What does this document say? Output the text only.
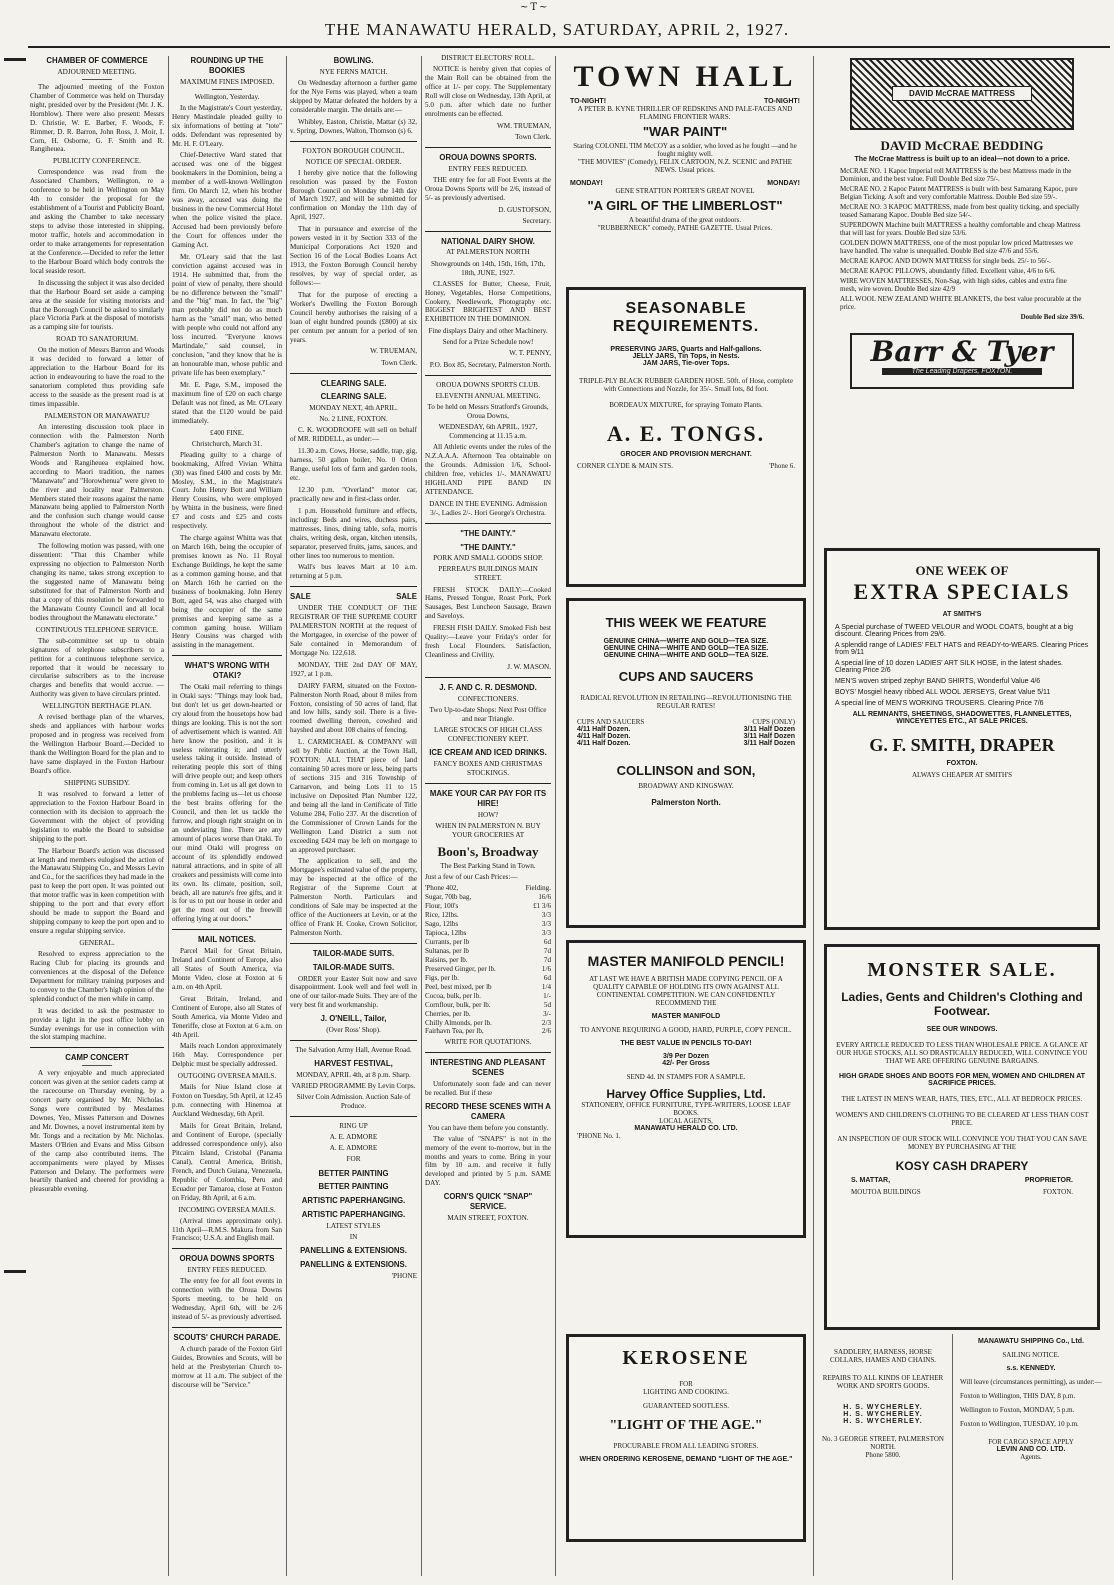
~T~
THE MANAWATU HERALD, SATURDAY, APRIL 2, 1927.
CHAMBER OF COMMERCE
ADJOURNED MEETING.

The adjourned meeting of the Foxton Chamber of Commerce was held on Thursday night, presided over by the President (Mr. J. K. Hornblow). There were also present: Messrs D. Christie, W. E. Barber, F. Woods, F. Rimmer, D. R. Barron, John Ross, J. Moir, I. Corn, H. Osborne, G. F. Smith and R. Rangiheuea.

PUBLICITY CONFERENCE.

Correspondence was read from the Associated Chambers, Wellington, re a conference to be held in Wellington on May 4th to consider the proposal for the establishment of a Tourist and Publicity Board, and asking the Chamber to take necessary steps to advise those interested in shipping, motor traffic, hotels and accommodation in order to make arrangements for representation at the Conference.—Decided to refer the letter to the Harbour Board which body controls the local seaside resort.

In discussing the subject it was also decided that the Harbour Board set aside a camping area at the seaside for visiting motorists and that the Borough Council be asked to similarly place Victoria Park at the disposal of motorists as a camping site for tourists.

ROAD TO SANATORIUM.

On the motion of Messrs Barron and Woods it was decided to forward a letter of appreciation to the Harbour Board for its action in endeavouring to have the road to the sanatorium completed thus providing safe access to the seaside as the present road is at times impassible.

PALMERSTON OR MANAWATU?

An interesting discussion took place in connection with the Palmerston North Chamber's agitation to change the name of Palmerston North to Manawatu. Messrs Woods and Rangiheuea explained how, according to Maori tradition, the names "Manawatu" and "Horowhenua" were given to the river and locality near Palmerston. Members stated their reasons against the name Manawatu being applied to Palmerston North and the confusion such change would cause throughout the whole of the district and Manawatu electorate.

The following motion was passed, with one dissentient: "That this Chamber while expressing no objection to Palmerston North changing its name, takes strong exception to the suggested name of Manawatu being substituted for that of Palmerston North and that a copy of this resolution be forwarded to the Manawatu County Council and all local bodies throughout the Manawatu electorate."

CONTINUOUS TELEPHONE SERVICE.

The sub-committee set up to obtain signatures of telephone subscribers to a petition for a continuous telephone service, reported that it would be necessary to circularise subscribers as to the increase charges and benefits that would accrue. —Authority was given to have circulars printed.

WELLINGTON BERTHAGE PLAN.

A revised berthage plan of the wharves, sheds and appliances with harbour works proposed and in progress was received from the Wellington Harbour Board.—Decided to thank the Wellington Board for the plan and to have same displayed in the Foxton Harbour Board's office.

SHIPPING SUBSIDY.

It was resolved to forward a letter of appreciation to the Foxton Harbour Board in connection with its decision to approach the Government with the object of providing legislation to enable the Board to subsidise shipping to the port.

The Harbour Board's action was discussed at length and members eulogised the action of the Manawatu Shipping Co., and Messrs Levin and Co., for the sacrifices they had made in the past to keep the port open. It was pointed out that motor traffic was in keen competition with shipping to the port and that every effort should be made to support the Board and shipping company to keep the port open and to ensure a regular shipping service.

GENERAL.

Resolved to express appreciation to the Racing Club for placing its grounds and conveniences at the disposal of the Defence Department for military training purposes and to convey to the Chamber's high opinion of the splendid conduct of the men while in camp.

It was decided to ask the postmaster to provide a light in the post office lobby on Sunday evenings for use in connection with the slot stamping machine.

CAMP CONCERT

A very enjoyable and much appreciated concert was given at the senior cadets camp at the racecourse on Thursday evening, by a concert party organised by Mr. Nicholas. Songs were contributed by Mesdames Downes, Yeo, Misses Patterson and Downes and Mr. Downes, a novel instrumental item by Mr. Tongs and a recitation by Mr. Nicholas. Masters O'Brien and Evans and Miss Gibson of the camp also contributed items. The accompaniments were played by Misses Patterson and Delany. The performers were heartily thanked and cheered for providing a pleasurable evening.

ROUNDING UP THE BOOKIES
MAXIMUM FINES IMPOSED.
Wellington, Yesterday.

In the Magistrate's Court yesterday, Henry Mastindale pleaded guilty to six informations of betting at "tote" odds. Defendant was represented by Mr. H. F. O'Leary.

Chief-Detective Ward stated that accused was one of the biggest bookmakers in the Dominion, being a member of a well-known Wellington firm. On March 12, when his brother was away, accused was doing the business in the new Commercial Hotel when the police visited the place. Accused had been previously before the Court for offences under the Gaming Act.

Mr. O'Leary said that the last conviction against accused was in 1914. He submitted that, from the point of view of penalty, there should be no difference between the "small" and the "big" man. In fact, the "big" man probably did not do as much harm as the "small" man, who betted with people who could not afford any loss incurred. "Everyone knows Martindale," said counsel, in conclusion, "and they know that he is an honourable man, whose public and private life has been exemplary."

Mr. E. Page, S.M., imposed the maximum fine of £20 on each charge Default was not fined, as Mr. O'Leary stated that the £120 would be paid immediately.

£400 FINE.
Christchurch, March 31.

Pleading guilty to a charge of bookmaking, Alfred Vivian Whitta (30) was fined £400 and costs by Mr. Mosley, S.M., in the Magistrate's Court. John Henry Bott and William Henry Cousins, who were employed by Whitta in the business, were fined £7 and costs and £25 and costs respectively.

The charge against Whitta was that on March 16th, being the occupier of premises known as No. 11 Royal Exchange Buildings, he kept the same as a common gaming house, and that on March 16th he carried on the business of bookmaking. John Henry Bott, aged 54, was also charged with being the occupier of the same premises and keeping same as a common gaming house. William Henry Cousins was charged with assisting in the management.

WHAT'S WRONG WITH OTAKI?

The Otaki mail referring to things in Otaki says: "Things may look bad, but don't let us get down-hearted or cry aloud from the housetops how bad things are looking. This is not the sort of advertisement which is wanted. All here know the position, and it is useless reiterating it; and utterly useless taking it outside. Instead of reiterating people this sort of thing will drive people out; and keep others from coming in. Let us all get down to the problems facing us—let us choose the best brains offering for the Council, and then let us tackle the furrow, and plough right straight on in an undeviating line. There are any amount of places worse than Otaki. To our mind Otaki will progress on account of its splendidly endowed natural attractions, and in spite of all croakers and pessimists will come into its own. Its climate, position, soil, beach, all are nature's free gifts, and it is for us to put our house in order and get the most out of the freewill offering lying at our doors."

MAIL NOTICES.

Parcel Mail for Great Britain, Ireland and Continent of Europe, also all States of South America, via Monte Video, close at Foxton at 6 a.m. on 4th April.

Great Britain, Ireland, and Continent of Europe, also all States of South America, via Monte Video and Teneriffe, close at Foxton at 6 a.m. on 4th April.

Mails reach London approximately 16th May. Correspondence per Delphic must be specially addressed.

OUTGOING OVERSEA MAILS.

Mails for Niue Island close at Foxton on Tuesday, 5th April, at 12.45 p.m. connecting with Hinemoa at Auckland Wednesday, 6th April.

Mails for Great Britain, Ireland, and Continent of Europe, (specially addressed correspondence only), also Pitcairn Island, Cristobal (Panama Canal), Central America, British, French, and Dutch Guiana, Venezuela, Republic of Colombia, Peru and Ecuador per Tamaroa, close at Foxton on Friday, 8th April, at 6 a.m.

INCOMING OVERSEA MAILS.

(Arrival times approximate only). 11th April—R.M.S. Makura from San Francisco; U.S.A. and English mail.

OROUA DOWNS SPORTS
ENTRY FEES REDUCED.

The entry fee for all foot events in connection with the Oroua Downs Sports meeting, to be held on Wednesday, April 6th, will be 2/6 instead of 5/- as previously advertised.

SCOUTS' CHURCH PARADE.

A church parade of the Foxton Girl Guides, Brownies and Scouts, will be held at the Presbyterian Church to-morrow at 11 a.m. The subject of the discourse will be "Service."

BOWLING.
NYE FERNS MATCH.

On Wednesday afternoon a further game for the Nye Ferns was played, when a team skipped by Mattar defeated the holders by a considerable margin. The details are:—

Whibley, Easton, Christie, Mattar (s) 32, v. Spring, Downes, Walton, Thomson (s) 6.

FOXTON BOROUGH COUNCIL.
NOTICE OF SPECIAL ORDER.

I hereby give notice that the following resolution was passed by the Foxton Borough Council on Monday the 14th day of March 1927, and will be submitted for confirmation on Monday the 11th day of April, 1927.

That in pursuance and exercise of the powers vested in it by Section 333 of the Municipal Corporations Act 1920 and Section 16 of the Local Bodies Loans Act 1913, the Foxton Borough Council hereby resolves, by way of special order, as follows:—

That for the purpose of erecting a Worker's Dwelling the Foxton Borough Council hereby authorises the raising of a loan of eight hundred pounds (£800) at six per centum per annum for a period of ten years.

W. TRUEMAN,
Town Clerk.
CLEARING SALE.
CLEARING SALE.
MONDAY NEXT, 4th APRIL.
No. 2 LINE, FOXTON.

C. K. WOODROOFE will sell on behalf of MR. RIDDELL, as under:—

11.30 a.m. Cows, Horse, saddle, trap, gig, harness, 50 gallon boiler, No. 0 Orion Range, useful lots of farm and garden tools, etc.

12.30 p.m. "Overland" motor car, practically new and in first-class order.

1 p.m. Household furniture and effects, including: Beds and wires, duchess pairs, mattresses, linos, dining table, sofa, morris chairs, writing desk, organ, kitchen utensils, separator, preserved fruits, jams, sauces, and other lines too numerous to mention.

Wall's bus leaves Mart at 10 a.m. returning at 5 p.m.

SALE	SALE

UNDER THE CONDUCT OF THE REGISTRAR OF THE SUPREME COURT PALMERSTON NORTH at the request of the Mortgagee, in exercise of the power of Sale contained in Memorandum of Mortgage No. 122,618.

MONDAY, THE 2nd DAY OF MAY, 1927, at 1 p.m.

DAIRY FARM, situated on the Foxton-Palmerston North Road, about 8 miles from Foxton, consisting of 50 acres of land, flat and low hills, sandy soil. There is a five-roomed dwelling thereon, cowshed and hayshed and about 108 chains of fencing.

L. CARMICHAEL & COMPANY will sell by Public Auction, at the Town Hall, FOXTON: ALL THAT piece of land containing 50 acres more or less, being parts of sections 315 and 316 Township of Carnarvon, and being Lots 11 to 15 inclusive on Deposited Plan Number 122, and being all the land in Certificate of Title Volume 284, Folio 237. At the discretion of the Commissioner of Crown Lands for the Wellington Land District a sum not exceeding £424 may be left on mortgage to an approved purchaser.

The application to sell, and the Mortgagee's estimated value of the property, may be inspected at the office of the Registrar of the Supreme Court at Palmerston North. Particulars and conditions of Sale may be inspected at the office of the Auctioneers at Levin, or at the office of Frank H. Cooke, Crown Solicitor, Palmerston North.

TAILOR-MADE SUITS.
TAILOR-MADE SUITS.

ORDER your Easter Suit now and save disappointment. Look well and feel well in one of our tailor-made Suits. They are of the very best fit and workmanship.

J. O'NEILL, Tailor,
(Over Ross' Shop).
The Salvation Army Hall, Avenue Road.
HARVEST FESTIVAL,
MONDAY, APRIL 4th, at 8 p.m. Sharp.
VARIED PROGRAMME By Levin Corps.
Silver Coin Admission. Auction Sale of Produce.
RING UP
A. E. ADMORE
A. E. ADMORE
FOR
BETTER PAINTING
BETTER PAINTING
ARTISTIC PAPERHANGING.
ARTISTIC PAPERHANGING.
LATEST STYLES
IN
PANELLING & EXTENSIONS.
PANELLING & EXTENSIONS.
'PHONE
DISTRICT ELECTORS' ROLL.

NOTICE is hereby given that copies of the Main Roll can be obtained from the office at 1/- per copy. The Supplementary Roll will close on Wednesday, 13th April, at 5.0 p.m. after which date no further enrolments can be effected.

WM. TRUEMAN,
Town Clerk.
OROUA DOWNS SPORTS.
ENTRY FEES REDUCED.

THE entry fee for all Foot Events at the Oroua Downs Sports will be 2/6, instead of 5/- as previously advertised.

D. GUSTOFSON,
Secretary.
NATIONAL DAIRY SHOW.
AT PALMERSTON NORTH
Showgrounds on 14th, 15th, 16th, 17th, 18th, JUNE, 1927.

CLASSES for Butter, Cheese, Fruit, Honey, Vegetables, Horse Competitions, Cookery, Needlework, Photography etc. BIGGEST BRIGHTEST AND BEST EXHIBITION IN THE DOMINION.

Fine displays Dairy and other Machinery.
Send for a Prize Schedule now!
W. T. PENNY,
P.O. Box 85, Secretary, Palmerston North.
OROUA DOWNS SPORTS CLUB.
ELEVENTH ANNUAL MEETING.
To be held on Messrs Stratford's Grounds, Oroua Downs,
WEDNESDAY, 6th APRIL, 1927, Commencing at 11.15 a.m.

All Athletic events under the rules of the N.Z.A.A.A. Afternoon Tea obtainable on the Grounds. Admission 1/6, School-children free, vehicles 1/-. MANAWATU HIGHLAND PIPE BAND IN ATTENDANCE.

DANCE IN THE EVENING. Admission 3/-, Ladies 2/-. Hori George's Orchestra.
"THE DAINTY."
"THE DAINTY."
PORK AND SMALL GOODS SHOP.
PERREAU'S BUILDINGS MAIN STREET.

FRESH STOCK DAILY:—Cooked Hams, Pressed Tongue, Roast Pork, Pork Sausages, Best Luncheon Sausage, Brawn and Saveloys.

FRESH FISH DAILY. Smoked Fish best Quality:—Leave your Friday's order for fresh Local Flounders. Satisfaction, Cleanliness and Civility.

J. W. MASON.
J. F. AND C. R. DESMOND.
CONFECTIONERS.
Two Up-to-date Shops: Next Post Office and near Triangle.
LARGE STOCKS OF HIGH CLASS CONFECTIONERY KEPT.
ICE CREAM AND ICED DRINKS.
FANCY BOXES AND CHRISTMAS STOCKINGS.
MAKE YOUR CAR PAY FOR ITS HIRE!
HOW?
WHEN IN PALMERSTON N. BUY YOUR GROCERIES AT
Boon's, Broadway
The Best Parking Stand in Town.
Just a few of our Cash Prices:—
'Phone 402,	Fielding.
Sugar, 70lb bag,	16/6
Flour, 100's	£1 3/6
Rice, 12lbs.	3/3
Sago, 12lbs	3/3
Tapioca, 12lbs	3/3
Currants, per lb	6d
Sultanas, per lb	7d
Raisins, per lb.	7d
Preserved Ginger, per lb.	1/6
Figs, per lb.	6d
Peel, best mixed, per lb	1/4
Cocoa, bulk, per lb.	1/-
Cornflour, bulk, per lb.	5d
Cherries, per lb.	3/-
Chilly Almonds, per lb.	2/3
Fairhavn Tea, per lb,	2/6
WRITE FOR QUOTATIONS.
INTERESTING AND PLEASANT SCENES

Unfortunately soon fade and can never be recalled. But if these

RECORD THESE SCENES WITH A CAMERA
You can have them before you constantly.

The value of "SNAPS" is not in the memory of the event to-morrow, but in the months and years to come. Bring in your film by 10 a.m. and receive it fully developed and printed by 5 p.m. SAME DAY.

CORN'S QUICK "SNAP" SERVICE.
MAIN STREET, FOXTON.
TOWN HALL
TO-NIGHT!	TO-NIGHT!
A PETER B. KYNE THRILLER OF REDSKINS AND PALE-FACES AND FLAMING FRONTIER WARS.
"WAR PAINT"
Staring COLONEL TIM McCOY as a soldier, who loved as he fought —and he fought mighty well.
"THE MOVIES" (Comedy), FELIX CARTOON, N.Z. SCENIC and PATHE NEWS. Usual prices.
MONDAY!	MONDAY!
GENE STRATTON PORTER'S GREAT NOVEL
"A GIRL OF THE LIMBERLOST"
A beautiful drama of the great outdoors.
"RUBBERNECK" comedy, PATHE GAZETTE. Usual Prices.
SEASONABLE REQUIREMENTS.
PRESERVING JARS, Quarts and Half-gallons.
JELLY JARS, Tin Tops, in Nests.
JAM JARS, Tie-over Tops.
TRIPLE-PLY BLACK RUBBER GARDEN HOSE. 50ft. of Hose, complete with Connections and Nozzle, for 35/-. Small lots, 8d foot.
BORDEAUX MIXTURE, for spraying Tomato Plants.
A. E. TONGS.
GROCER AND PROVISION MERCHANT.
CORNER CLYDE & MAIN STS.	'Phone 6.
THIS WEEK WE FEATURE
GENUINE CHINA—WHITE AND GOLD—TEA SIZE.
GENUINE CHINA—WHITE AND GOLD—TEA SIZE.
GENUINE CHINA—WHITE AND GOLD—TEA SIZE.
CUPS AND SAUCERS
RADICAL REVOLUTION IN RETAILING—REVOLUTIONISING THE REGULAR RATES!
CUPS AND SAUCERS	CUPS (ONLY)
4/11 Half Dozen.	3/11 Half Dozen
4/11 Half Dozen.	3/11 Half Dozen
4/11 Half Dozen.	3/11 Half Dozen
COLLINSON and SON,
BROADWAY AND KINGSWAY.
Palmerston North.
MASTER MANIFOLD PENCIL!
AT LAST WE HAVE A BRITISH MADE COPYING PENCIL OF A QUALITY CAPABLE OF HOLDING ITS OWN AGAINST ALL CONTINENTAL COMPETITION. WE CAN CONFIDENTLY RECOMMEND THE
MASTER MANIFOLD
TO ANYONE REQUIRING A GOOD, HARD, PURPLE, COPY PENCIL.
THE BEST VALUE IN PENCILS TO-DAY!
3/9 Per Dozen
42/- Per Gross
SEND 4d. IN STAMPS FOR A SAMPLE.
Harvey Office Supplies, Ltd.
STATIONERY, OFFICE FURNITURE, TYPE-WRITERS, LOOSE LEAF BOOKS.
LOCAL AGENTS,
MANAWATU HERALD CO. LTD.
'PHONE No. 1.
KEROSENE
FOR
LIGHTING AND COOKING.
GUARANTEED SOOTLESS.
"LIGHT OF THE AGE."
PROCURABLE FROM ALL LEADING STORES.
WHEN ORDERING KEROSENE, DEMAND "LIGHT OF THE AGE."
DAVID McCRAE MATTRESS
DAVID McCRAE BEDDING
The McCrae Mattress is built up to an ideal—not down to a price.
McCRAE NO. 1 Kapoc Imperial roll MATTRESS is the best Mattress made in the Dominion, and the best value. Full Double Bed size 75/-.
McCRAE NO. 2 Kapoc Patent MATTRESS is built with best Samarang Kapoc, pure Belgian Ticking. A soft and very comfortable Mattress. Double Bed size 59/-.
McCRAE NO. 3 KAPOC MATTRESS, made from best quality ticking, and specially teased Samarang Kapoc. Double Bed size 54/-.
SUPERDOWN Machine built MATTRESS a healthy comfortable and cheap Mattress that will last for years. Double Bed size 53/6.
GOLDEN DOWN MATTRESS, one of the most popular low priced Mattresses we have handled. The value is unequalled. Double Bed size 47/6 and 55/6.
McCRAE KAPOC AND DOWN MATTRESS for single beds. 25/- to 56/-.
McCRAE KAPOC PILLOWS, abundantly filled. Excellent value, 4/6 to 6/6.
WIRE WOVEN MATTRESSES, Non-Sag, with high sides, cables and extra fine mesh, wire woven. Double Bed size 42/9
ALL WOOL NEW ZEALAND WHITE BLANKETS, the best value procurable at the price.
Double Bed size 39/6.
Barr & Tyer
The Leading Drapers, FOXTON.
ONE WEEK OF
EXTRA SPECIALS
AT SMITH'S
A Special purchase of TWEED VELOUR and WOOL COATS, bought at a big discount. Clearing Prices from 29/6.
A splendid range of LADIES' FELT HATS and READY-to-WEARS. Clearing Prices from 9/11
A special line of 10 dozen LADIES' ART SILK HOSE, in the latest shades. Clearing Price 2/6
MEN'S woven striped zephyr BAND SHIRTS, Wonderful Value 4/6
BOYS' Mosgiel heavy ribbed ALL WOOL JERSEYS, Great Value 5/11
A special line of MEN'S WORKING TROUSERS. Clearing Price 7/6
ALL REMNANTS, SHEETINGS, SHADOWETTES, FLANNELETTES, WINCEYETTES ETC., AT SALE PRICES.
G. F. SMITH, DRAPER
FOXTON.
ALWAYS CHEAPER AT SMITH'S
MONSTER SALE.
Ladies, Gents and Children's Clothing and Footwear.
SEE OUR WINDOWS.
EVERY ARTICLE REDUCED TO LESS THAN WHOLESALE PRICE. A GLANCE AT OUR HUGE STOCKS, ALL SO DRASTICALLY REDUCED, WILL CONVINCE YOU THAT WE ARE OFFERING GENUINE BARGAINS.
HIGH GRADE SHOES AND BOOTS FOR MEN, WOMEN AND CHILDREN AT SACRIFICE PRICES.
THE LATEST IN MEN'S WEAR, HATS, TIES, ETC., ALL AT BEDROCK PRICES.
WOMEN'S AND CHILDREN'S CLOTHING TO BE CLEARED AT LESS THAN COST PRICE.
AN INSPECTION OF OUR STOCK WILL CONVINCE YOU THAT YOU CAN SAVE MONEY BY PURCHASING AT THE
KOSY CASH DRAPERY
S. MATTAR,	PROPRIETOR.
MOUTOA BUILDINGS	FOXTON.
SADDLERY, HARNESS, HORSE COLLARS, HAMES AND CHAINS.
REPAIRS TO ALL KINDS OF LEATHER WORK AND SPORTS GOODS.
H. S. WYCHERLEY.
H. S. WYCHERLEY.
H. S. WYCHERLEY.
No. 3 GEORGE STREET, PALMERSTON NORTH.
Phone 5800.
MANAWATU SHIPPING Co., Ltd.
SAILING NOTICE.
s.s. KENNEDY.
Will leave (circumstances permitting), as under:—
Foxton to Wellington, THIS DAY, 8 p.m.
Wellington to Foxton, MONDAY, 5 p.m.
Foxton to Wellington, TUESDAY, 10 p.m.
FOR CARGO SPACE APPLY
LEVIN AND CO. LTD.
Agents.
